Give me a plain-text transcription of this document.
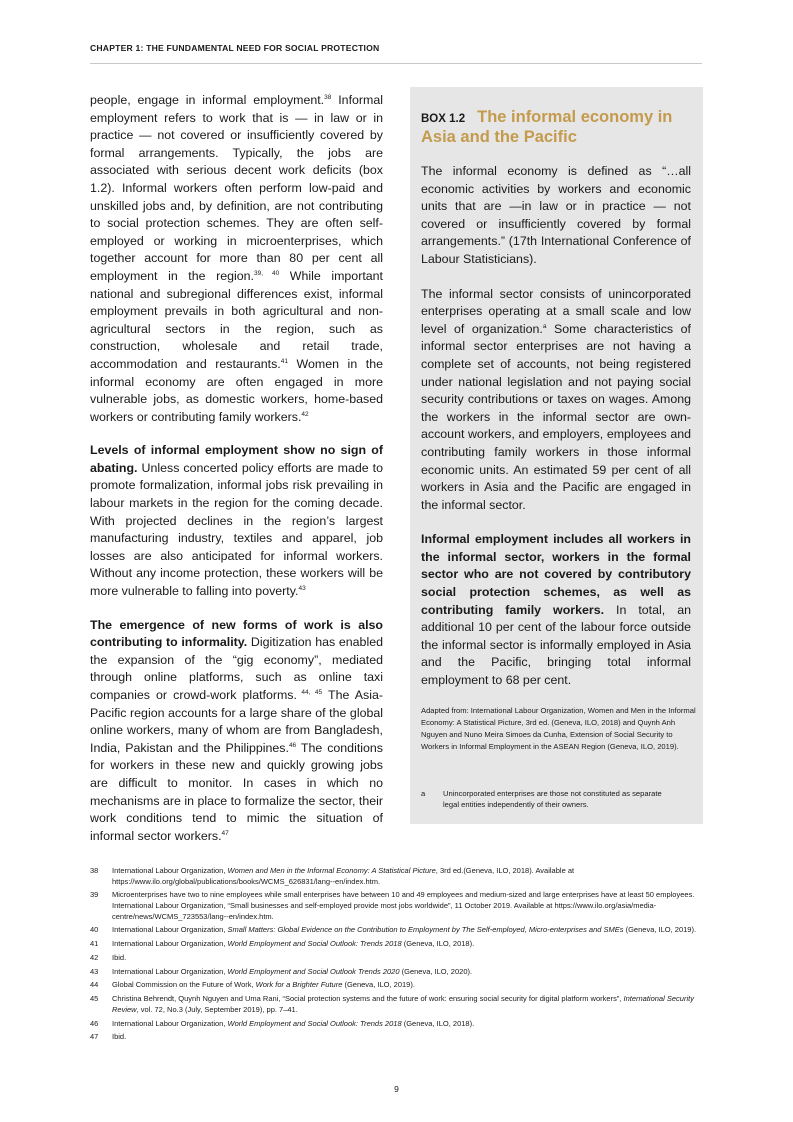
CHAPTER 1: THE FUNDAMENTAL NEED FOR SOCIAL PROTECTION

people, engage in informal employment.$^{38}$ Informal employment refers to work that is — in law or in practice — not covered or insufficiently covered by formal arrangements. Typically, the jobs are associated with serious decent work deficits (box 1.2). Informal workers often perform low-paid and unskilled jobs and, by definition, are not contributing to social protection schemes. They are often self-employed or working in microenterprises, which together account for more than 80 per cent all employment in the region.$^{39, 40}$ While important national and subregional differences exist, informal employment prevails in both agricultural and non-agricultural sectors in the region, such as construction, wholesale and retail trade, accommodation and restaurants.$^{41}$ Women in the informal economy are often engaged in more vulnerable jobs, as domestic workers, home-based workers or contributing family workers.$^{42}$

Levels of informal employment show no sign of abating. Unless concerted policy efforts are made to promote formalization, informal jobs risk prevailing in labour markets in the region for the coming decade. With projected declines in the region’s largest manufacturing industry, textiles and apparel, job losses are also anticipated for informal workers. Without any income protection, these workers will be more vulnerable to falling into poverty.$^{43}$

The emergence of new forms of work is also contributing to informality. Digitization has enabled the expansion of the “gig economy”, mediated through online platforms, such as online taxi companies or crowd-work platforms. $^{44, 45}$ The Asia-Pacific region accounts for a large share of the global online workers, many of whom are from Bangladesh, India, Pakistan and the Philippines.$^{46}$ The conditions for workers in these new and quickly growing jobs are difficult to monitor. In cases in which no mechanisms are in place to formalize the sector, their work conditions tend to mimic the situation of informal sector workers.$^{47}$

BOX 1.2 The informal economy in Asia and the Pacific

The informal economy is defined as “…all economic activities by workers and economic units that are —in law or in practice — not covered or insufficiently covered by formal arrangements.” (17th International Conference of Labour Statisticians).

The informal sector consists of unincorporated enterprises operating at a small scale and low level of organization.$^a$ Some characteristics of informal sector enterprises are not having a complete set of accounts, not being registered under national legislation and not paying social security contributions or taxes on wages. Among the workers in the informal sector are own-account workers, and employers, employees and contributing family workers in those informal economic units. An estimated 59 per cent of all workers in Asia and the Pacific are engaged in the informal sector.

Informal employment includes all workers in the informal sector, workers in the formal sector who are not covered by contributory social protection schemes, as well as contributing family workers. In total, an additional 10 per cent of the labour force outside the informal sector is informally employed in Asia and the Pacific, bringing total informal employment to 68 per cent.

Adapted from: International Labour Organization, Women and Men in the Informal Economy: A Statistical Picture, 3rd ed. (Geneva, ILO, 2018) and Quynh Anh Nguyen and Nuno Meira Simoes da Cunha, Extension of Social Security to Workers in Informal Employment in the ASEAN Region (Geneva, ILO, 2019).
a Unincorporated enterprises are those not constituted as separate legal entities independently of their owners.
38	International Labour Organization, Women and Men in the Informal Economy: A Statistical Picture, 3rd ed.(Geneva, ILO, 2018). Available at https://www.ilo.org/global/publications/books/WCMS_626831/lang--en/index.htm.
39	Microenterprises have two to nine employees while small enterprises have between 10 and 49 employees and medium-sized and large enterprises have at least 50 employees. International Labour Organization, “Small businesses and self-employed provide most jobs worldwide”, 11 October 2019. Available at https://www.ilo.org/asia/media-centre/news/WCMS_723553/lang--en/index.htm.
40	International Labour Organization, Small Matters: Global Evidence on the Contribution to Employment by The Self-employed, Micro-enterprises and SMEs (Geneva, ILO, 2019).
41	International Labour Organization, World Employment and Social Outlook: Trends 2018 (Geneva, ILO, 2018).
42	Ibid.
43	International Labour Organization, World Employment and Social Outlook Trends 2020 (Geneva, ILO, 2020).
44	Global Commission on the Future of Work, Work for a Brighter Future (Geneva, ILO, 2019).
45	Christina Behrendt, Quynh Nguyen and Uma Rani, “Social protection systems and the future of work: ensuring social security for digital platform workers”, International Security Review, vol. 72, No.3 (July, September 2019), pp. 7–41.
46	International Labour Organization, World Employment and Social Outlook: Trends 2018 (Geneva, ILO, 2018).
47	Ibid.
9
